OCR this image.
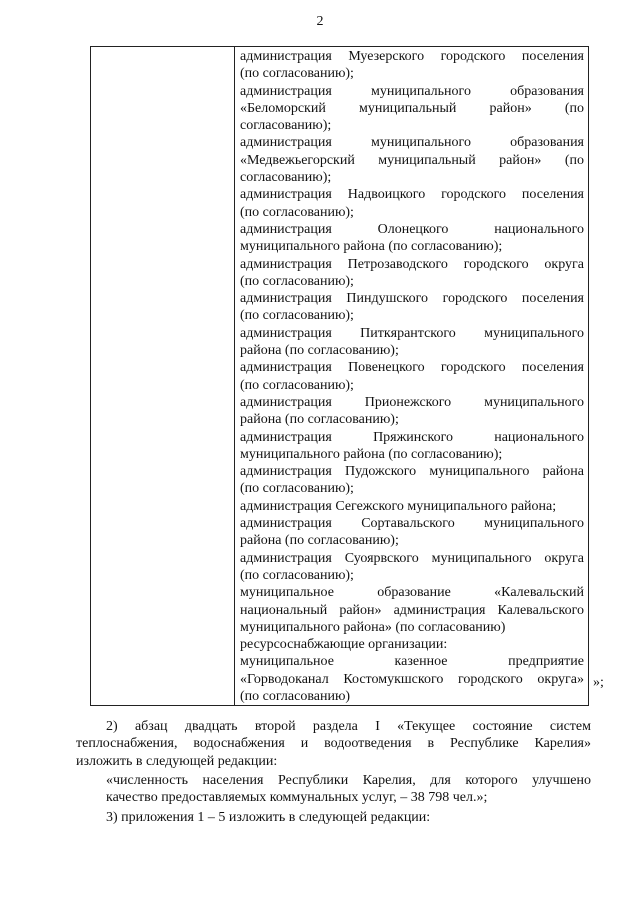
2

администрация Муезерского городского поселения
(по согласованию);
администрация муниципального образования
«Беломорский муниципальный район» (по
согласованию);
администрация муниципального образования
«Медвежьегорский муниципальный район» (по
согласованию);
администрация Надвоицкого городского поселения
(по согласованию);
администрация Олонецкого национального
муниципального района (по согласованию);
администрация Петрозаводского городского округа
(по согласованию);
администрация Пиндушского городского поселения
(по согласованию);
администрация Питкярантского муниципального
района (по согласованию);
администрация Повенецкого городского поселения
(по согласованию);
администрация Прионежского муниципального
района (по согласованию);
администрация Пряжинского национального
муниципального района (по согласованию);
администрация Пудожского муниципального района
(по согласованию);
администрация Сегежского муниципального района;
администрация Сортавальского муниципального
района (по согласованию);
администрация Суоярвского муниципального округа
(по согласованию);
муниципальное образование «Калевальский
национальный район» администрация Калевальского
муниципального района» (по согласованию)
ресурсоснабжающие организации:
муниципальное казенное предприятие
«Горводоканал Костомукшского городского округа»
(по согласованию)
»;
2) абзац двадцать второй раздела I «Текущее состояние систем
теплоснабжения, водоснабжения и водоотведения в Республике Карелия»
изложить в следующей редакции:
«численность населения Республики Карелия, для которого улучшено
качество предоставляемых коммунальных услуг, – 38 798 чел.»;
3) приложения 1 – 5 изложить в следующей редакции:
